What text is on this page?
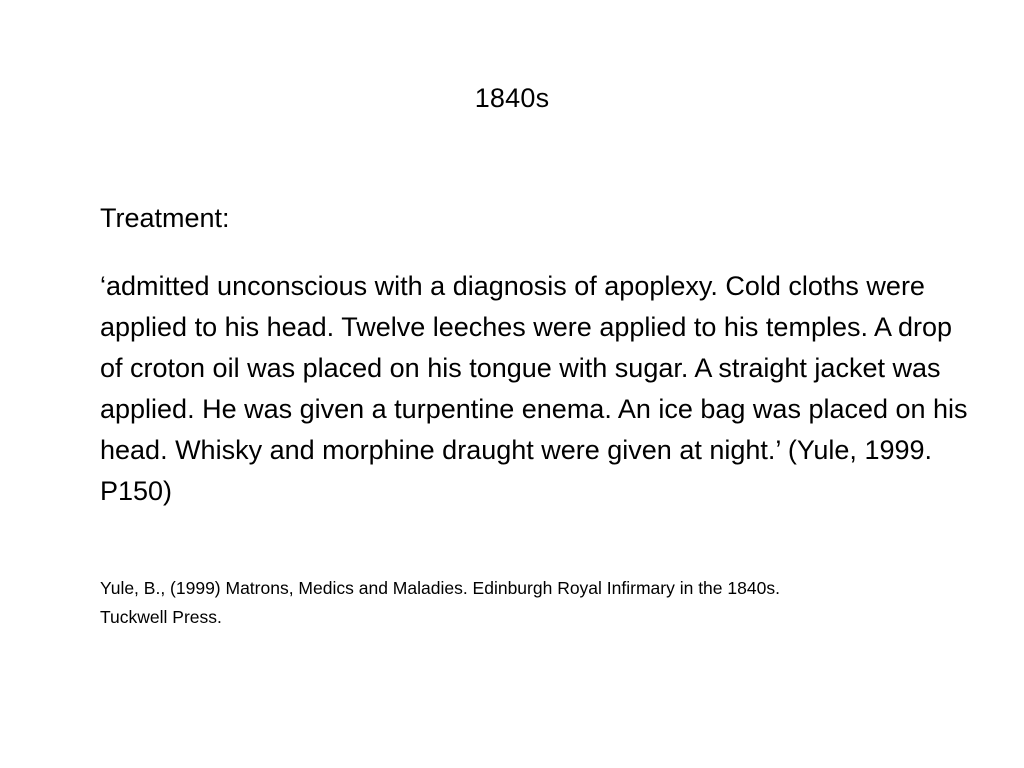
1840s

Treatment:

‘admitted unconscious with a diagnosis of apoplexy. Cold cloths were applied to his head. Twelve leeches were applied to his temples. A drop of croton oil was placed on his tongue with sugar. A straight jacket was applied. He was given a turpentine enema. An ice bag was placed on his head. Whisky and morphine draught were given at night.’ (Yule, 1999. P150)

Yule, B., (1999) Matrons, Medics and Maladies. Edinburgh Royal Infirmary in the 1840s.
Tuckwell Press.
